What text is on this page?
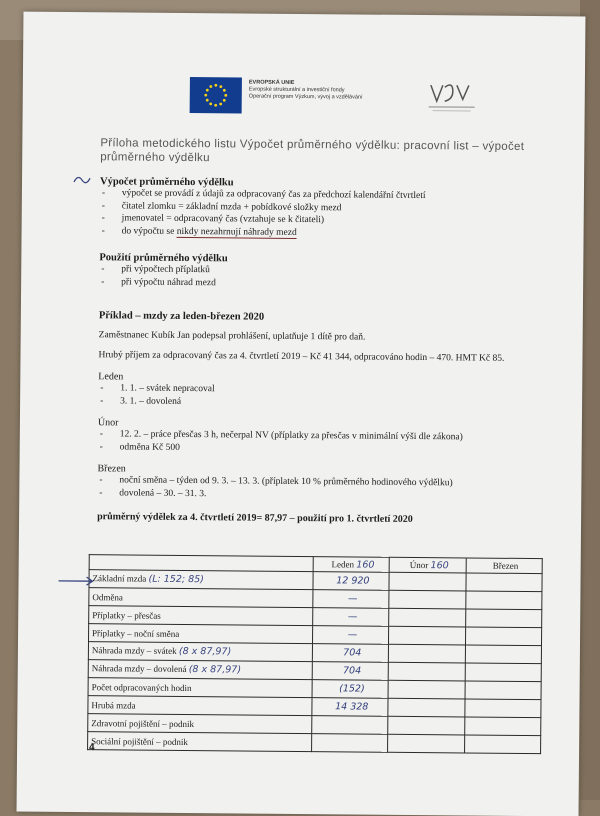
EVROPSKÁ UNIE
Evropské strukturální a investiční fondy
Operační program Výzkum, vývoj a vzdělávání
Příloha metodického listu Výpočet průměrného výdělku: pracovní list – výpočet průměrného výdělku
Výpočet průměrného výdělku
- výpočet se provádí z údajů za odpracovaný čas za předchozí kalendářní čtvrtletí
- čitatel zlomku = základní mzda + pobídkové složky mezd
- jmenovatel = odpracovaný čas (vztahuje se k čitateli)
- do výpočtu se nikdy nezahrnují náhrady mezd
Použití průměrného výdělku
- při výpočtech příplatků
- při výpočtu náhrad mezd
Příklad – mzdy za leden-březen 2020
Zaměstnanec Kubík Jan podepsal prohlášení, uplatňuje 1 dítě pro daň.
Hrubý příjem za odpracovaný čas za 4. čtvrtletí 2019 – Kč 41 344, odpracováno hodin – 470. HMT Kč 85.
Leden
- 1. 1. – svátek nepracoval
- 3. 1. – dovolená
Únor
- 12. 2. – práce přesčas 3 h, nečerpal NV (příplatky za přesčas v minimální výši dle zákona)
- odměna Kč 500
Březen
- noční směna – týden od 9. 3. – 13. 3. (příplatek 10 % průměrného hodinového výdělku)
- dovolená – 30. – 31. 3.
průměrný výdělek za 4. čtvrtletí 2019= 87,97 – použití pro 1. čtvrtletí 2020
	Leden 160	Únor 160	Březen
Základní mzda (L: 152; 85)	12 920		
Odměna	—		
Příplatky – přesčas	—		
Příplatky – noční směna	—		
Náhrada mzdy – svátek (8 x 87,97)	704		
Náhrada mzdy – dovolená (8 x 87,97)	704		
Počet odpracovaných hodin	(152)		
Hrubá mzda	14 328		
Zdravotní pojištění – podnik			
Sociální pojištění – podnik			
4
